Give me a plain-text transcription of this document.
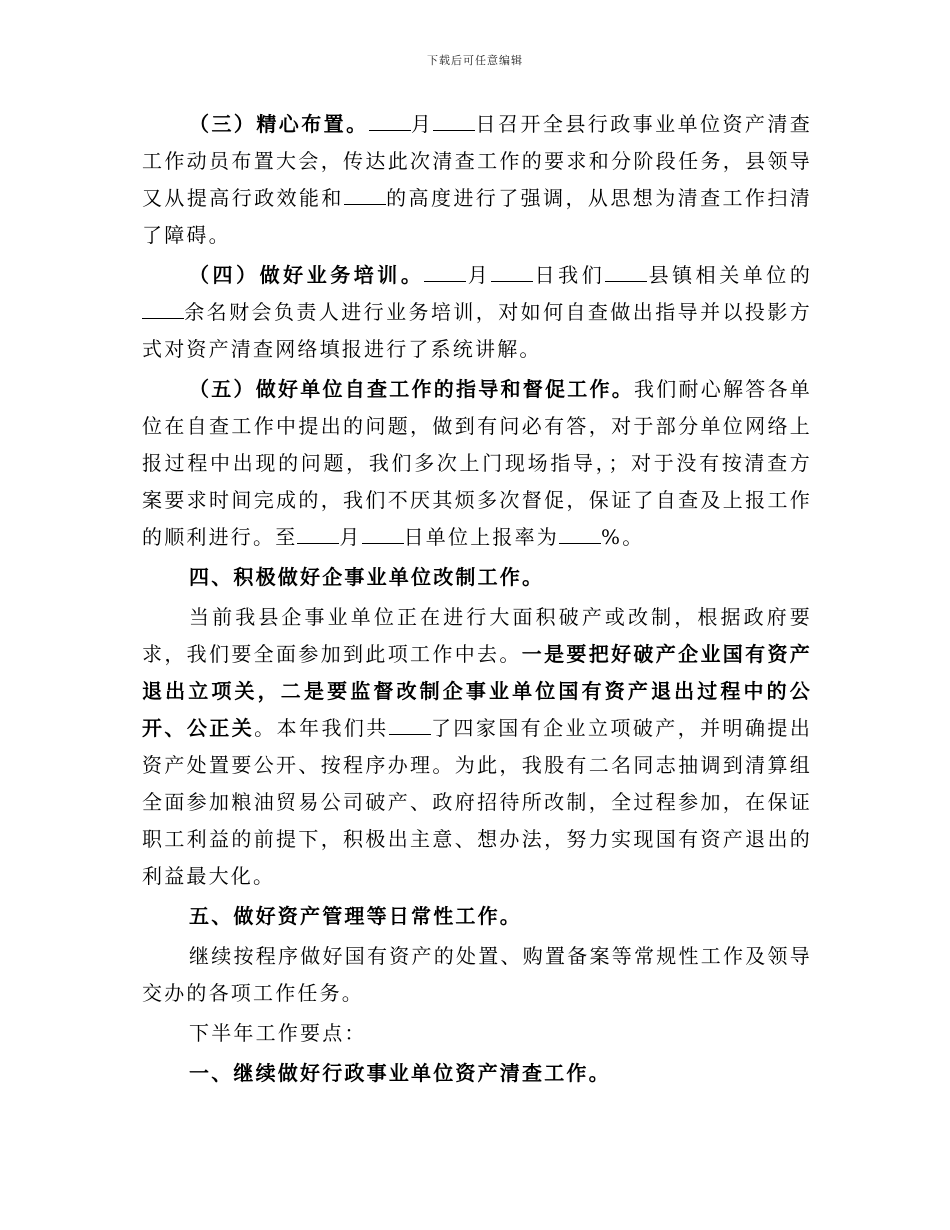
下载后可任意编辑

（三）精心布置。 月 日召开全县行政事业单位资产清查工作动员布置大会，传达此次清查工作的要求和分阶段任务，县领导又从提高行政效能和 的高度进行了强调，从思想为清查工作扫清了障碍。

（四）做好业务培训。 月 日我们 县镇相关单位的余名财会负责人进行业务培训，对如何自查做出指导并以投影方式对资产清查网络填报进行了系统讲解。

（五）做好单位自查工作的指导和督促工作。我们耐心解答各单位在自查工作中提出的问题，做到有问必有答，对于部分单位网络上报过程中出现的问题，我们多次上门现场指导，；对于没有按清查方案要求时间完成的，我们不厌其烦多次督促，保证了自查及上报工作的顺利进行。至 月 日单位上报率为 %。

四、积极做好企事业单位改制工作。

当前我县企事业单位正在进行大面积破产或改制，根据政府要求，我们要全面参加到此项工作中去。一是要把好破产企业国有资产退出立项关，二是要监督改制企事业单位国有资产退出过程中的公开、公正关。本年我们共 了四家国有企业立项破产，并明确提出资产处置要公开、按程序办理。为此，我股有二名同志抽调到清算组全面参加粮油贸易公司破产、政府招待所改制，全过程参加，在保证职工利益的前提下，积极出主意、想办法，努力实现国有资产退出的利益最大化。

五、做好资产管理等日常性工作。

继续按程序做好国有资产的处置、购置备案等常规性工作及领导交办的各项工作任务。

下半年工作要点：

一、继续做好行政事业单位资产清查工作。
